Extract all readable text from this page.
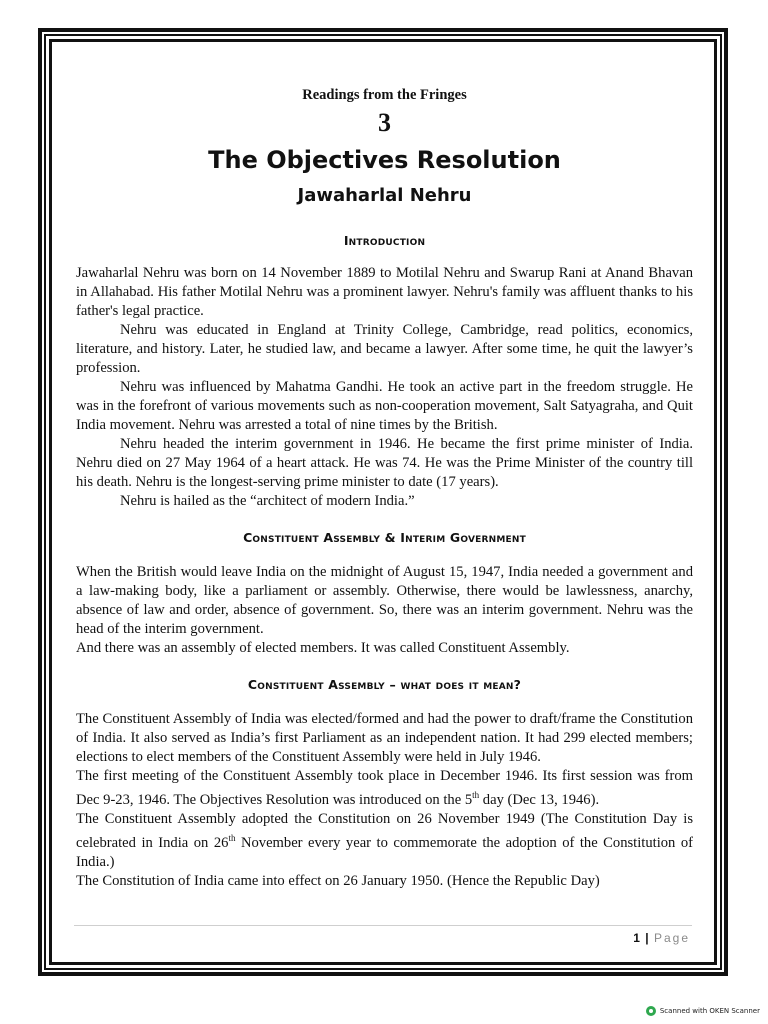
Readings from the Fringes

3

The Objectives Resolution
Jawaharlal Nehru
Introduction

Jawaharlal Nehru was born on 14 November 1889 to Motilal Nehru and Swarup Rani at Anand Bhavan in Allahabad. His father Motilal Nehru was a prominent lawyer. Nehru's family was affluent thanks to his father's legal practice.

Nehru was educated in England at Trinity College, Cambridge, read politics, economics, literature, and history. Later, he studied law, and became a lawyer. After some time, he quit the lawyer’s profession.

Nehru was influenced by Mahatma Gandhi. He took an active part in the freedom struggle. He was in the forefront of various movements such as non-cooperation movement, Salt Satyagraha, and Quit India movement. Nehru was arrested a total of nine times by the British.

Nehru headed the interim government in 1946. He became the first prime minister of India. Nehru died on 27 May 1964 of a heart attack. He was 74. He was the Prime Minister of the country till his death. Nehru is the longest-serving prime minister to date (17 years).

Nehru is hailed as the “architect of modern India.”

Constituent Assembly & Interim Government

When the British would leave India on the midnight of August 15, 1947, India needed a government and a law-making body, like a parliament or assembly. Otherwise, there would be lawlessness, anarchy, absence of law and order, absence of government. So, there was an interim government. Nehru was the head of the interim government.

And there was an assembly of elected members. It was called Constituent Assembly.

Constituent Assembly – what does it mean?

The Constituent Assembly of India was elected/formed and had the power to draft/frame the Constitution of India. It also served as India’s first Parliament as an independent nation. It had 299 elected members; elections to elect members of the Constituent Assembly were held in July 1946.

The first meeting of the Constituent Assembly took place in December 1946. Its first session was from Dec 9-23, 1946. The Objectives Resolution was introduced on the 5th day (Dec 13, 1946).

The Constituent Assembly adopted the Constitution on 26 November 1949 (The Constitution Day is celebrated in India on 26th November every year to commemorate the adoption of the Constitution of India.)

The Constitution of India came into effect on 26 January 1950. (Hence the Republic Day)

1 | Page
Scanned with OKEN Scanner
